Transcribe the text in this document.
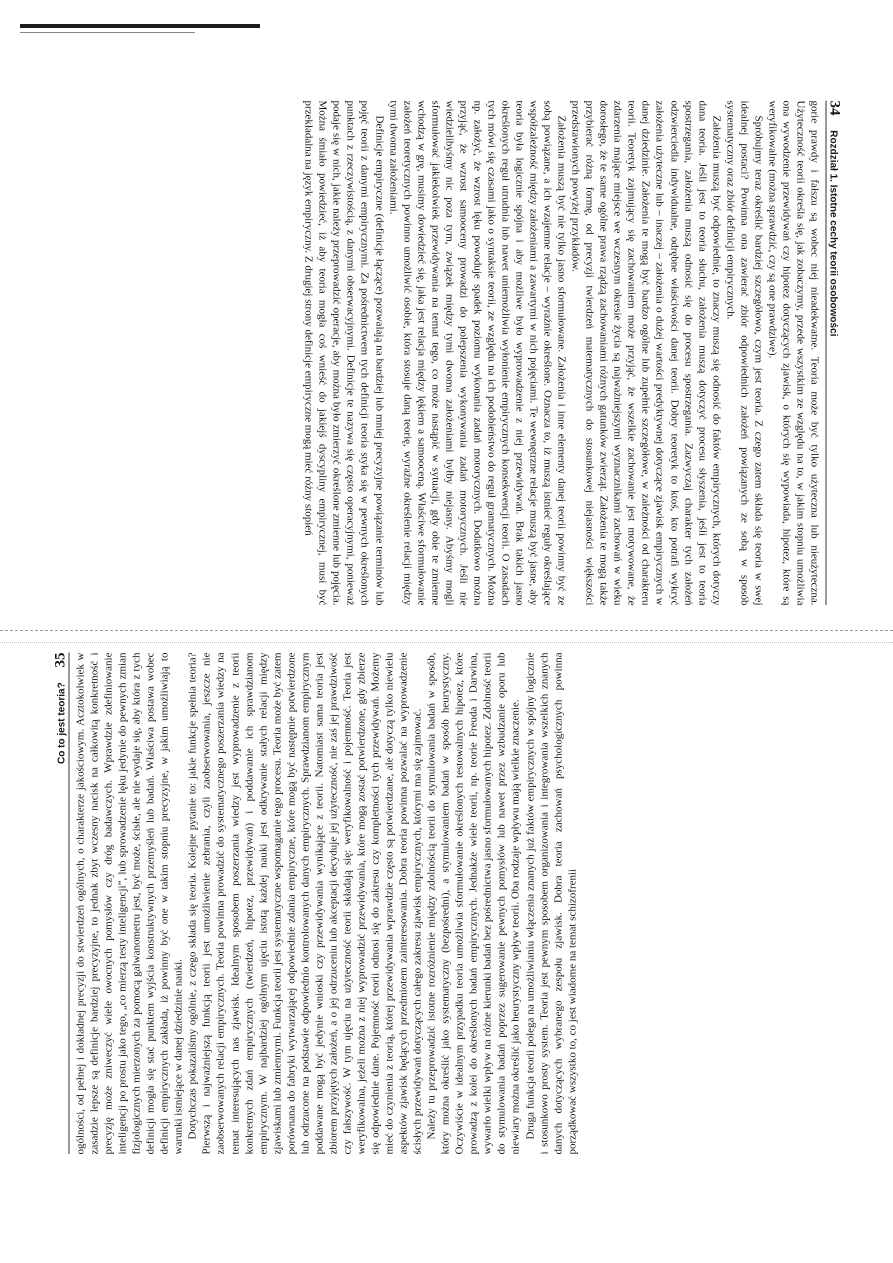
34 Rozdział 1. Istotne cechy teorii osobowości

gorie prawdy i fałszu są wobec niej nieadekwatne. Teoria może być tylko użyteczna lub nieużyteczna. Użyteczność teorii określa się, jak zobaczymy, przede wszystkim ze względu na to, w jakim stopniu umożliwia ona wywodzenie przewidywań czy hipotez dotyczących zjawisk, o których się wypowiada, hipotez, które są weryfikowalne (można sprawdzić, czy są one prawdziwe).

Spróbujmy teraz określić bardziej szczegółowo, czym jest teoria. Z czego zatem składa się teoria w swej idealnej postaci? Powinna ona zawierać zbiór odpowiednich założeń powiązanych ze sobą w sposób systematyczny oraz zbiór definicji empirycznych.

Założenia muszą być odpowiednie, to znaczy muszą się odnosić do faktów empirycznych, których dotyczy dana teoria. Jeśli jest to teoria słuchu, założenia muszą dotyczyć procesu słyszenia, jeśli jest to teoria spostrzegania, założenia muszą odnosić się do procesu spostrzegania. Zazwyczaj charakter tych założeń odzwierciedla indywidualne, odrębne właściwości danej teorii. Dobry teoretyk to ktoś, kto potrafi wykryć założenia użyteczne lub – inaczej – założenia o dużej wartości predyktywnej dotyczące zjawisk empirycznych w danej dziedzinie. Założenia te mogą być bardzo ogólne lub zupełnie szczegółowe, w zależności od charakteru teorii. Teoretyk zajmujący się zachowaniem może przyjąć, że wszelkie zachowanie jest motywowane, że zdarzenia mające miejsce we wczesnym okresie życia są najważniejszymi wyznacznikami zachowań w wieku dorosłego, że te same ogólne prawa rządzą zachowaniami różnych gatunków zwierząt. Założenia te mogą także przybierać różną formę, od precyzji twierdzeń matematycznych do stosunkowej niejasności większości przedstawionych powyżej przykładów.

Założenia muszą być nie tylko jasno sformułowane. Założenia i inne elementy danej teorii powinny być ze sobą powiązane, a ich wzajemne relacje – wyraźnie określone. Oznacza to, iż muszą istnieć reguły określające współzależność między założeniami a zawartymi w nich pojęciami. Te wewnętrzne relacje muszą być jasne, aby teoria była logicznie spójna i aby możliwe było wyprowadzenie z niej przewidywań. Brak takich jasno określonych reguł utrudnia lub nawet uniemożliwia wyłonienie empirycznych konsekwencji teorii. O zasadach tych mówi się czasami jako o syntaksie teorii, ze względu na ich podobieństwo do reguł gramatycznych. Można np. założyć, że wzrost lęku powoduje spadek poziomu wykonania zadań motorycznych. Dodatkowo można przyjąć, że wzrost samooceny prowadzi do polepszenia wykonywania zadań motorycznych. Jeśli nie wiedzielibyśmy nic poza tym, związek między tymi dwoma założeniami byłby niejasny. Abyśmy mogli sformułować jakiekolwiek przewidywania na temat tego, co może nastąpić w sytuacji, gdy obie te zmienne wchodzą w grę, musimy dowiedzieć się, jaka jest relacja między lękiem a samooceną. Właściwe sformułowanie założeń teoretycznych powinno umożliwić osobie, która stosuje daną teorię, wyraźne określenie relacji między tymi dwoma założeniami.

Definicje empiryczne (definicje łączące) pozwalają na bardziej lub mniej precyzyjne powiązanie terminów lub pojęć teorii z danymi empirycznymi. Za pośrednictwem tych definicji teoria styka się w pewnych określonych punktach z rzeczywistością, z danymi obserwacyjnymi. Definicje te nazywa się często operacyjnymi, ponieważ podaje się w nich, jakie należy przeprowadzić operacje, aby można było zmierzyć określone zmienne lub pojęcia. Można śmiało powiedzieć, iż aby teoria mogła coś wnieść do jakiejś dyscypliny empirycznej, musi być przekładalna na język empiryczny. Z drugiej strony definicje empiryczne mogą mieć różny stopień

Co to jest teoria? 35 ogólności, od pełnej i dokładnej precyzji do stwierdzeń ogólnych, o charakterze jakościowym. Acztokolwiek w zasadzie lepsze są definicje bardziej precyzyjne, to jednak zbyt wczesny nacisk na całkowitą konkretność i precyzję może zniweczyć wiele owocnych pomysłów czy dróg badawczych. Wprawdzie zdefiniowanie inteligencji po prostu jako tego, „co mierzą testy inteligencji”, lub sprowadzenie lęku jedynie do pewnych zmian fizjologicznych mierzonych za pomocą galwanometru jest, być może, ścisłe, ale nie wydaje się, aby która z tych definicji mogła się stać punktem wyjścia konstruktywnych przemyśleń lub badań. Właściwa postawa wobec definicji empirycznych zakłada, iż powinny być one w takim stopniu precyzyjne, w jakim umożliwiają to warunki istniejące w danej dziedzinie nauki. Dotychczas pokazaliśmy ogólnie, z czego składa się teoria. Kolejne pytanie to: jakie funkcje spełnia teoria? Pierwszą i najważniejszą funkcją teorii jest umożliwienie zebrania, czyli zaobserwowania, jeszcze nie zaobserwowanych relacji empirycznych. Teoria powinna prowadzić do systematycznego poszerzania wiedzy na temat interesujących nas zjawisk. Idealnym sposobem poszerzania wiedzy jest wyprowadzenie z teorii konkretnych zdań empirycznych (twierdzeń, hipotez, przewidywań) i poddawanie ich sprawdzianom empirycznym. W najbardziej ogólnym ujęciu istotą każdej nauki jest odkrywanie stałych relacji między zjawiskami lub zmiennymi. Funkcja teorii jest systematyczne wspomaganie tego procesu. Teoria może być zatem porównana do fabryki wytwarzającej odpowiednie zdania empiryczne, które mogą być następnie potwierdzone lub odrzucone na podstawie odpowiednio kontrolowanych danych empirycznych. Sprawdzianom empirycznym poddawane mogą być jedynie wnioski czy przewidywania wynikające z teorii. Natomiast sama teoria jest zbiorem przyjętych założeń, a o jej odrzuceniu lub akceptacji decyduje jej użyteczność, nie zaś jej prawdziwość czy fałszywość. W tym ujęciu na użyteczność teorii składają się: weryfikowalność i pojemność. Teoria jest weryfikowalna, jeżeli można z niej wyprowadzić przewidywania, które mogą zostać potwierdzone, gdy zbierze się odpowiednie dane. Pojemność teorii odnosi się do zakresu czy kompletności tych przewidywań. Możemy mieć do czynienia z teorią, której przewidywania wprawdzie często są potwierdzane, ale dotyczą tylko niewielu aspektów zjawisk będących przedmiotem zainteresowania. Dobra teoria powinna pozwalać na wyprowadzenie ścisłych przewidywań dotyczących całego zakresu zjawisk empirycznych, którymi ma się zajmować. Należy tu przeprowadzić istotne rozróżnienie między zdolnością teorii do stymulowania badań w sposób, który można określić jako systematyczny (bezpośredni), a stymulowaniem badań w sposób heurystyczny. Oczywiście w idealnym przypadku teoria umożliwia sformułowanie określonych testowalnych hipotez, które prowadzą z kolei do określonych badań empirycznych. Jednakże wiele teorii, np. teorie Freuda i Darwina, wywarło wielki wpływ na różne kierunki badań bez pośrednictwa jasno sformułowanych hipotez. Zdolność teorii do stymulowania badań poprzez sugerowanie pewnych pomysłów lub nawet przez wzbudzanie oporu lub niewiary można określić jako heurystyczny wpływ teorii. Oba rodzaje wpływu mają wielkie znaczenie. Druga funkcja teorii polega na umożliwianiu włączenia znanych już faktów empirycznych w spójny logicznie i stosunkowo prosty system. Teoria jest pewnym sposobem organizowania i integrowania wszelkich znanych danych dotyczących wybranego zespołu zjawisk. Dobra teoria zachowań psychologicznych powinna porządkować wszystko to, co jest wiadome na temat schizofrenii
